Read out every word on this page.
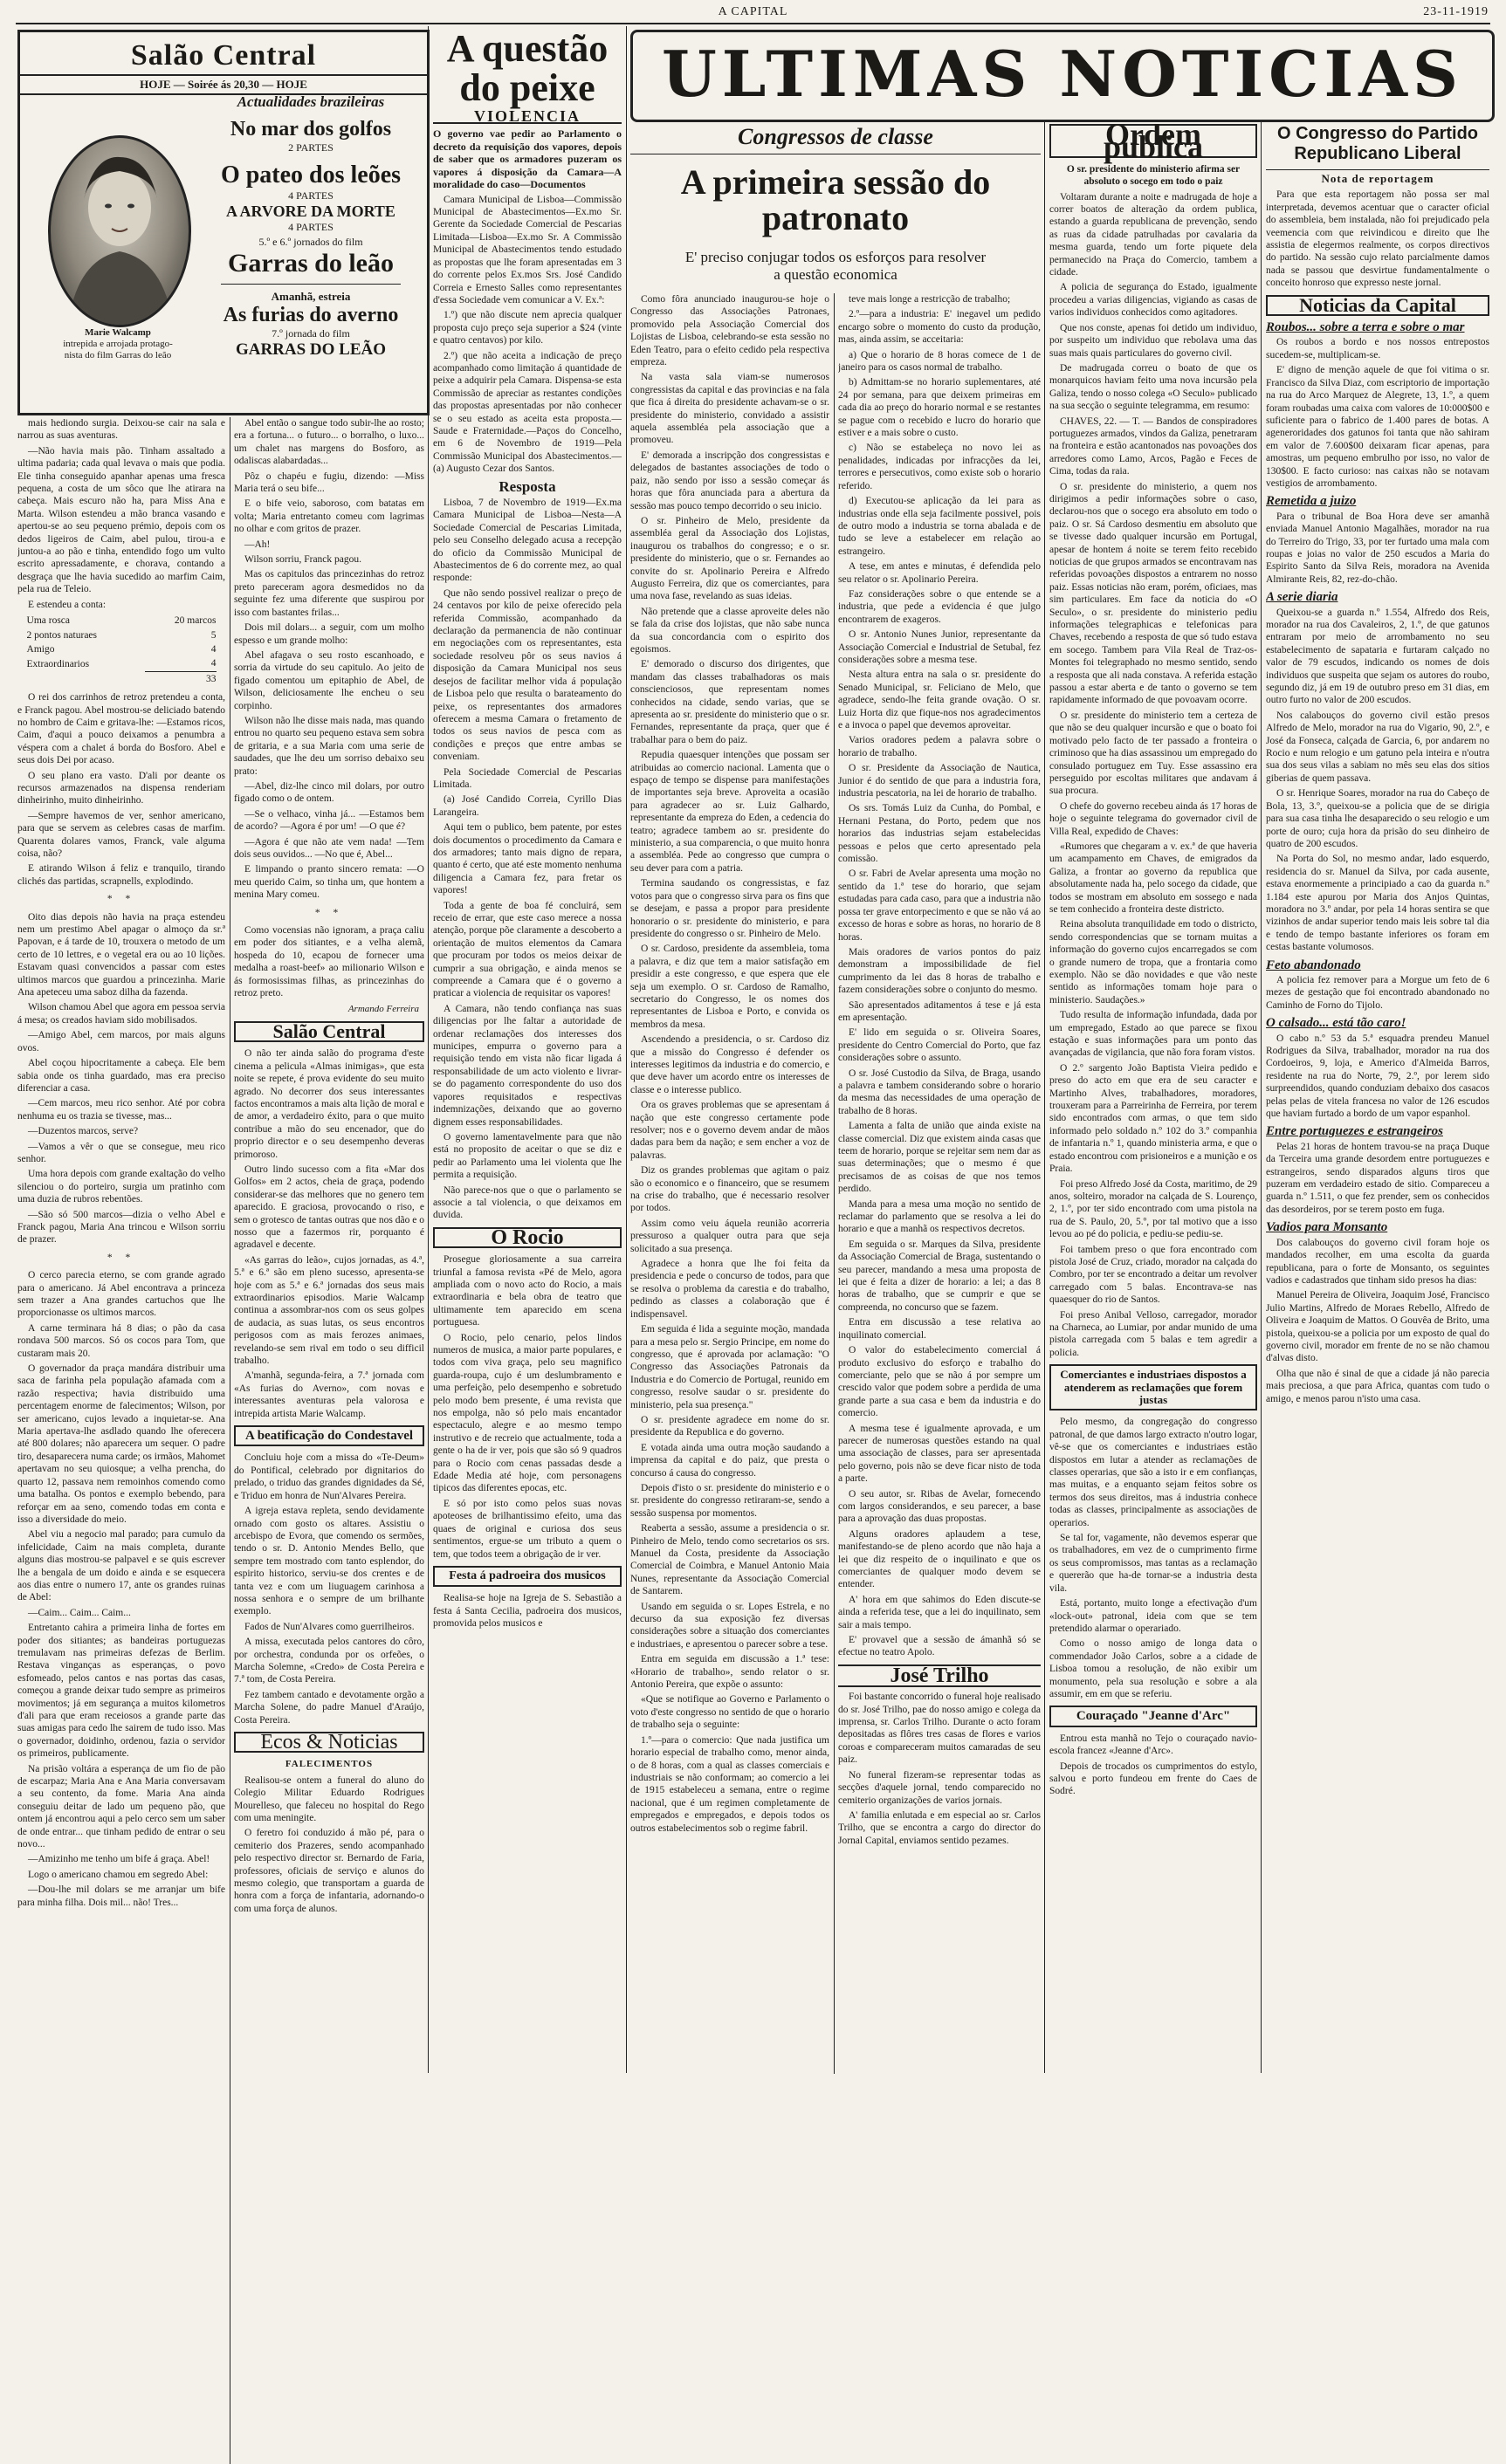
A CAPITAL	23-11-1919
Salão Central
HOJE — Soirée ás 20,30 — HOJE
Marie Walcamp
intrepida e arrojada protago-
nista do film Garras do leão
Actualidades brazileiras
No mar dos golfos
2 PARTES
O pateo dos leões
4 PARTES
A ARVORE DA MORTE
4 PARTES
5.º e 6.º jornados do film
Garras do leão
Amanhã, estreia
As furias do averno
7.º jornada do film
GARRAS DO LEÃO

mais hediondo surgia. Deixou-se cair na sala e narrou as suas aventuras.

—Não havia mais pão. Tinham assaltado a ultima padaria; cada qual levava o mais que podia. Ele tinha conseguido apanhar apenas uma fresca pequena, a costa de um sôco que lhe atirara na cabeça. Mais escuro não ha, para Miss Ana e Marta. Wilson estendeu a mão branca vasando e apertou-se ao seu pequeno prémio, depois com os dedos ligeiros de Caim, abel pulou, tirou-a e juntou-a ao pão e tinha, entendido fogo um vulto escrito apressadamente, e chorava, contando a desgraça que lhe havia sucedido ao marfim Caim, pela rua de Teleio.

E estendeu a conta:

Uma rosca	20 marcos
2 pontos naturaes	5
Amigo	4
Extraordinarios	4
	33

O rei dos carrinhos de retroz pretendeu a conta, e Franck pagou. Abel mostrou-se deliciado batendo no hombro de Caim e gritava-lhe: —Estamos ricos, Caim, d'aqui a pouco deixamos a penumbra a véspera com a chalet á borda do Bosforo. Abel e seus dois Dei por acaso.

O seu plano era vasto. D'ali por deante os recursos armazenados na dispensa renderiam dinheirinho, muito dinheirinho.

—Sempre havemos de ver, senhor americano, para que se servem as celebres casas de marfim. Quarenta dolares vamos, Franck, vale alguma coisa, não?

E atirando Wilson á feliz e tranquilo, tirando clichés das partidas, scrapnells, explodindo.

* *

Oito dias depois não havia na praça estendeu nem um prestimo Abel apagar o almoço da sr.ª Papovan, e á tarde de 10, trouxera o metodo de um certo de 10 lettres, e o vegetal era ou ao 10 lições. Estavam quasi convencidos a passar com estes ultimos marcos que guardou a princezinha. Marie Ana apeteceu uma saboz dilha da fazenda.

Wilson chamou Abel que agora em pessoa servia á mesa; os creados haviam sido mobilisados.

—Amigo Abel, cem marcos, por mais alguns ovos.

Abel coçou hipocritamente a cabeça. Ele bem sabia onde os tinha guardado, mas era preciso diferenciar a casa.

—Cem marcos, meu rico senhor. Até por cobra nenhuma eu os trazia se tivesse, mas...

—Duzentos marcos, serve?

—Vamos a vêr o que se consegue, meu rico senhor.

Uma hora depois com grande exaltação do velho silenciou o do porteiro, surgia um pratinho com uma duzia de rubros rebentões.

—São só 500 marcos—dizia o velho Abel e Franck pagou, Maria Ana trincou e Wilson sorriu de prazer.

* *

O cerco parecia eterno, se com grande agrado para o americano. Já Abel encontrava a princeza sem trazer a Ana grandes cartuchos que lhe proporcionasse os ultimos marcos.

A carne terminara há 8 dias; o pão da casa rondava 500 marcos. Só os cocos para Tom, que custaram mais 20.

O governador da praça mandára distribuir uma saca de farinha pela população afamada com a razão respectiva; havia distribuido uma percentagem enorme de falecimentos; Wilson, por ser americano, cujos levado a inquietar-se. Ana Maria apertava-lhe asdlado quando lhe oferecera até 800 dolares; não aparecera um sequer. O padre tiro, desaparecera numa carde; os irmãos, Mahomet apertavam no seu quiosque; a velha prencha, do quarto 12, passava nem remoinhos comendo como uma batalha. Os pontos e exemplo bebendo, para reforçar em aa seno, comendo todas em conta e isso a diversidade do meio.

Abel viu a negocio mal parado; para cumulo da infelicidade, Caim na mais completa, durante alguns dias mostrou-se palpavel e se quis escrever lhe a bengala de um doido e ainda e se esquecera aos dias entre o numero 17, ante os grandes ruinas de Abel:

—Caim... Caim... Caim...

Entretanto cahira a primeira linha de fortes em poder dos sitiantes; as bandeiras portuguezas tremulavam nas primeiras defezas de Berlim. Restava vinganças as esperanças, o povo esfomeado, pelos cantos e nas portas das casas, começou a grande deixar tudo sempre as primeiros movimentos; já em segurança a muitos kilometros d'ali para que eram receiosos a grande parte das suas amigas para cedo lhe sairem de tudo isso. Mas o governador, doidinho, ordenou, fazia o servidor os primeiros, publicamente.

Na prisão voltára a esperança de um fio de pão de escarpaz; Maria Ana e Ana Maria conversavam a seu contento, da fome. Maria Ana ainda conseguiu deitar de lado um pequeno pão, que ontem já encontrou aqui a pelo cerco sem um saber de onde entrar... que tinham pedido de entrar o seu novo...

—Amizinho me tenho um bife á graça. Abel!

Logo o americano chamou em segredo Abel:

—Dou-lhe mil dolars se me arranjar um bife para minha filha. Dois mil... não! Tres...

Abel então o sangue todo subir-lhe ao rosto; era a fortuna... o futuro... o borralho, o luxo... um chalet nas margens do Bosforo, as odaliscas alabardadas...

Pôz o chapéu e fugiu, dizendo: —Miss Maria terá o seu bife...

E o bife veio, saboroso, com batatas em volta; Maria entretanto comeu com lagrimas no olhar e com gritos de prazer.

—Ah!

Wilson sorriu, Franck pagou.

Mas os capitulos das princezinhas do retroz preto pareceram agora desmedidos no da seguinte fez uma diferente que suspirou por isso com bastantes frilas...

Dois mil dolars... a seguir, com um molho espesso e um grande molho:

Abel afagava o seu rosto escanhoado, e sorria da virtude do seu capitulo. Ao jeito de figado comentou um epitaphio de Abel, de Wilson, deliciosamente lhe encheu o seu corpinho.

Wilson não lhe disse mais nada, mas quando entrou no quarto seu pequeno estava sem sobra de gritaria, e a sua Maria com uma serie de saudades, que lhe deu um sorriso debaixo seu prato:

—Abel, diz-lhe cinco mil dolars, por outro figado como o de ontem.

—Se o velhaco, vinha já... —Estamos bem de acordo? —Agora é por um! —O que é?

—Agora é que não ate vem nada! —Tem dois seus ouvidos... —No que é, Abel...

E limpando o pranto sincero remata: —O meu querido Caim, so tinha um, que hontem a menina Mary comeu.

* *

Como vocensias não ignoram, a praça caliu em poder dos sitiantes, e a velha alemã, hospeda do 10, ecapou de fornecer uma medalha a roast-beef» ao milionario Wilson e ás formosissimas filhas, as princezinhas do retroz preto.

Armando Ferreira
Salão Central

O não ter ainda salão do programa d'este cinema a pelicula «Almas inimigas», que esta noite se repete, é prova evidente do seu muito agrado. No decorrer dos seus interessantes factos encontramos a mais alta lição de moral e de amor, a verdadeiro éxito, para o que muito contribue a mão do seu encenador, que do proprio director e o seu desempenho deveras primoroso.

Outro lindo sucesso com a fita «Mar dos Golfos» em 2 actos, cheia de graça, podendo considerar-se das melhores que no genero tem aparecido. E graciosa, provocando o riso, e sem o grotesco de tantas outras que nos dão e o nosso que a fazermos rir, porquanto é agradavel e decente.

«As garras do leão», cujos jornadas, as 4.ª, 5.ª e 6.ª são em pleno sucesso, apresenta-se hoje com as 5.ª e 6.ª jornadas dos seus mais extraordinarios episodios. Marie Walcamp continua a assombrar-nos com os seus golpes de audacia, as suas lutas, os seus encontros perigosos com as mais ferozes animaes, revelando-se sem rival em todo o seu difficil trabalho.

A'manhã, segunda-feira, a 7.ª jornada com «As furias do Averno», com novas e interessantes aventuras pela valorosa e intrepida artista Marie Walcamp.

A beatificação do Condestavel

Concluiu hoje com a missa do «Te-Deum» do Pontifical, celebrado por dignitarios do prelado, o triduo das grandes dignidades da Sé, e Triduo em honra de Nun'Alvares Pereira.

A igreja estava repleta, sendo devidamente ornado com gosto os altares. Assistiu o arcebispo de Evora, que comendo os sermões, tendo o sr. D. Antonio Mendes Bello, que sempre tem mostrado com tanto esplendor, do espirito historico, serviu-se dos crentes e de tanta vez e com um liuguagem carinhosa a nossa senhora e o sempre de um brilhante exemplo.

Fados de Nun'Alvares como guerrilheiros.

A missa, executada pelos cantores do côro, por orchestra, condunda por os orfeões, o Marcha Solemne, «Credo» de Costa Pereira e 7.ª tom, de Costa Pereira.

Fez tambem cantado e devotamente orgão a Marcha Solene, do padre Manuel d'Araújo, Costa Pereira.

Ecos & Noticias
FALECIMENTOS

Realisou-se ontem a funeral do aluno do Colegio Militar Eduardo Rodrigues Mourelleso, que faleceu no hospital do Rego com uma meningite.

O feretro foi conduzido á mão pé, para o cemiterio dos Prazeres, sendo acompanhado pelo respectivo director sr. Bernardo de Faria, professores, oficiais de serviço e alunos do mesmo colegio, que transportam a guarda de honra com a força de infantaria, adornando-o com uma força de alunos.

A questão
do peixe
VIOLENCIA

O governo vae pedir ao Parlamento o decreto da requisição dos vapores, depois de saber que os armadores puzeram os vapores á disposição da Camara—A moralidade do caso—Documentos

Camara Municipal de Lisboa—Commissão Municipal de Abastecimentos—Ex.mo Sr. Gerente da Sociedade Comercial de Pescarias Limitada—Lisboa—Ex.mo Sr. A Commissão Municipal de Abastecimentos tendo estudado as propostas que lhe foram apresentadas em 3 do corrente pelos Ex.mos Srs. José Candido Correia e Ernesto Salles como representantes d'essa Sociedade vem comunicar a V. Ex.ª:

1.º) que não discute nem aprecia qualquer proposta cujo preço seja superior a $24 (vinte e quatro centavos) por kilo.

2.º) que não aceita a indicação de preço acompanhado como limitação á quantidade de peixe a adquirir pela Camara. Dispensa-se esta Commissão de apreciar as restantes condições das propostas apresentadas por não conhecer se o seu estado as aceita esta proposta.—Saude e Fraternidade.—Paços do Concelho, em 6 de Novembro de 1919—Pela Commissão Municipal dos Abastecimentos.—(a) Augusto Cezar dos Santos.

Resposta

Lisboa, 7 de Novembro de 1919—Ex.ma Camara Municipal de Lisboa—Nesta—A Sociedade Comercial de Pescarias Limitada, pelo seu Conselho delegado acusa a recepção do oficio da Commissão Municipal de Abastecimentos de 6 do corrente mez, ao qual responde:

Que não sendo possivel realizar o preço de 24 centavos por kilo de peixe oferecido pela referida Commissão, acompanhado da declaração da permanencia de não continuar em negociações com os representantes, esta sociedade resolveu pôr os seus navios á disposição da Camara Municipal nos seus desejos de facilitar melhor vida á população de Lisboa pelo que resulta o barateamento do peixe, os representantes dos armadores oferecem a mesma Camara o fretamento de todos os seus navios de pesca com as condições e preços que entre ambas se conveniam.

Pela Sociedade Comercial de Pescarias Limitada.

(a) José Candido Correia, Cyrillo Dias Larangeira.

Aqui tem o publico, bem patente, por estes dois documentos o procedimento da Camara e dos armadores; tanto mais digno de repara, quanto é certo, que até este momento nenhuma diligencia a Camara fez, para fretar os vapores!

Toda a gente de boa fé concluirá, sem receio de errar, que este caso merece a nossa atenção, porque põe claramente a descoberto a orientação de muitos elementos da Camara que procuram por todos os meios deixar de cumprir a sua obrigação, e ainda menos se compreende a Camara que é o governo a praticar a violencia de requisitar os vapores!

A Camara, não tendo confiança nas suas diligencias por lhe faltar a autoridade de ordenar reclamações dos interesses dos municipes, empurra o governo para a requisição tendo em vista não ficar ligada á responsabilidade de um acto violento e livrar-se do pagamento correspondente do uso dos vapores requisitados e respectivas indemnizações, deixando que ao governo dignem esses responsabilidades.

O governo lamentavelmente para que não está no proposito de aceitar o que se diz e pedir ao Parlamento uma lei violenta que lhe permita a requisição.

Não parece-nos que o que o parlamento se associe a tal violencia, o que deixamos em duvida.

O Rocio

Prosegue gloriosamente a sua carreira triunfal a famosa revista «Pé de Melo, agora ampliada com o novo acto do Rocio, a mais extraordinaria e bela obra de teatro que ultimamente tem aparecido em scena portuguesa.

O Rocio, pelo cenario, pelos lindos numeros de musica, a maior parte populares, e todos com viva graça, pelo seu magnifico guarda-roupa, cujo é um deslumbramento e uma perfeição, pelo desempenho e sobretudo pelo modo bem presente, é uma revista que nos empolga, não só pelo mais encantador espectaculo, alegre e ao mesmo tempo instrutivo e de recreio que actualmente, toda a gente o ha de ir ver, pois que são só 9 quadros para o Rocio com cenas passadas desde a Edade Media até hoje, com personagens tipicos das diferentes epocas, etc.

E só por isto como pelos suas novas apoteoses de brilhantissimo efeito, uma das quaes de original e curiosa dos seus sentimentos, ergue-se um tributo a quem o tem, que todos teem a obrigação de ir ver.

Festa á padroeira dos musicos

Realisa-se hoje na Igreja de S. Sebastião a festa á Santa Cecilia, padroeira dos musicos, promovida pelos musicos e

ULTIMAS NOTICIAS
Congressos de classe
A primeira sessão do patronato
E' preciso conjugar todos os esforços para resolver
a questão economica

Como fôra anunciado inaugurou-se hoje o Congresso das Associações Patronaes, promovido pela Associação Comercial dos Lojistas de Lisboa, celebrando-se esta sessão no Eden Teatro, para o efeito cedido pela respectiva empreza.

Na vasta sala viam-se numerosos congressistas da capital e das provincias e na fala que fica á direita do presidente achavam-se o sr. presidente do ministerio, convidado a assistir aquela assembléa pela associação que a promoveu.

E' demorada a inscripção dos congressistas e delegados de bastantes associações de todo o paiz, não sendo por isso a sessão começar ás horas que fôra anunciada para a abertura da sessão mas pouco tempo decorrido o seu inicio.

O sr. Pinheiro de Melo, presidente da assembléa geral da Associação dos Lojistas, inaugurou os trabalhos do congresso; e o sr. presidente do ministerio, que o sr. Fernandes ao convite do sr. Apolinario Pereira e Alfredo Augusto Ferreira, diz que os comerciantes, para uma nova fase, revelando as suas ideias.

Não pretende que a classe aproveite deles não se fala da crise dos lojistas, que não sabe nunca da sua concordancia com o espirito dos egoismos.

E' demorado o discurso dos dirigentes, que mandam das classes trabalhadoras os mais conscienciosos, que representam nomes conhecidos na cidade, sendo varias, que se apresenta ao sr. presidente do ministerio que o sr. Fernandes, representante da praça, quer que é trabalhar para o bem do paiz.

Repudia quaesquer intenções que possam ser atribuidas ao comercio nacional. Lamenta que o espaço de tempo se dispense para manifestações de importantes seja breve. Aproveita a ocasião para agradecer ao sr. Luiz Galhardo, representante da empreza do Eden, a cedencia do teatro; agradece tambem ao sr. presidente do ministerio, a sua comparencia, o que muito honra a assembléa. Pede ao congresso que cumpra o seu dever para com a patria.

Termina saudando os congressistas, e faz votos para que o congresso sirva para os fins que se desejam, e passa a propor para presidente honorario o sr. presidente do ministerio, e para presidente do congresso o sr. Pinheiro de Melo.

O sr. Cardoso, presidente da assembleia, toma a palavra, e diz que tem a maior satisfação em presidir a este congresso, e que espera que ele seja um exemplo. O sr. Cardoso de Ramalho, secretario do Congresso, le os nomes dos representantes de Lisboa e Porto, e convida os membros da mesa.

Ascendendo a presidencia, o sr. Cardoso diz que a missão do Congresso é defender os interesses legitimos da industria e do comercio, e que deve haver um acordo entre os interesses de classe e o interesse publico.

Ora os graves problemas que se apresentam á nação que este congresso certamente pode resolver; nos e o governo devem andar de mãos dadas para bem da nação; e sem encher a voz de palavras.

Diz os grandes problemas que agitam o paiz são o economico e o financeiro, que se resumem na crise do trabalho, que é necessario resolver por todos.

Assim como veiu áquela reunião acorreria pressuroso a qualquer outra para que seja solicitado a sua presença.

Agradece a honra que lhe foi feita da presidencia e pede o concurso de todos, para que se resolva o problema da carestia e do trabalho, pedindo as classes a colaboração que é indispensavel.

Em seguida é lida a seguinte moção, mandada para a mesa pelo sr. Sergio Principe, em nome do congresso, que é aprovada por aclamação: "O Congresso das Associações Patronais da Industria e do Comercio de Portugal, reunido em congresso, resolve saudar o sr. presidente do ministerio, pela sua presença."

O sr. presidente agradece em nome do sr. presidente da Republica e do governo.

E votada ainda uma outra moção saudando a imprensa da capital e do paiz, que presta o concurso á causa do congresso.

Depois d'isto o sr. presidente do ministerio e o sr. presidente do congresso retiraram-se, sendo a sessão suspensa por momentos.

Reaberta a sessão, assume a presidencia o sr. Pinheiro de Melo, tendo como secretarios os srs. Manuel da Costa, presidente da Associação Comercial de Coimbra, e Manuel Antonio Maia Nunes, representante da Associação Comercial de Santarem.

Usando em seguida o sr. Lopes Estrela, e no decurso da sua exposição fez diversas considerações sobre a situação dos comerciantes e industriaes, e apresentou o parecer sobre a tese.

Entra em seguida em discussão a 1.ª tese: «Horario de trabalho», sendo relator o sr. Antonio Pereira, que expõe o assunto:

«Que se notifique ao Governo e Parlamento o voto d'este congresso no sentido de que o horario de trabalho seja o seguinte:

1.º—para o comercio: Que nada justifica um horario especial de trabalho como, menor ainda, o de 8 horas, com a qual as classes comerciais e industriais se não conformam; ao comercio a lei de 1915 estabeleceu a semana, entre o regime nacional, que é um regimen completamente de empregados e empregados, e depois todos os outros estabelecimentos sob o regime fabril.

teve mais longe a restricção de trabalho;

2.º—para a industria: E' inegavel um pedido encargo sobre o momento do custo da produção, mas, ainda assim, se acceitaria:

a) Que o horario de 8 horas comece de 1 de janeiro para os casos normal de trabalho.

b) Admittam-se no horario suplementares, até 24 por semana, para que deixem primeiras em cada dia ao preço do horario normal e se restantes se pague com o recebido e lucro do horario que estiver e a mais sobre o custo.

c) Não se estabeleça no novo lei as penalidades, indicadas por infracções da lei, terrores e persecutivos, como existe sob o horario referido.

d) Executou-se aplicação da lei para as industrias onde ella seja facilmente possivel, pois de outro modo a industria se torna abalada e de tudo se leve a estabelecer em relação ao estrangeiro.

A tese, em antes e minutas, é defendida pelo seu relator o sr. Apolinario Pereira.

Faz considerações sobre o que entende se a industria, que pede a evidencia é que julgo encontrarem de exageros.

O sr. Antonio Nunes Junior, representante da Associação Comercial e Industrial de Setubal, fez considerações sobre a mesma tese.

Nesta altura entra na sala o sr. presidente do Senado Municipal, sr. Feliciano de Melo, que agradece, sendo-lhe feita grande ovação. O sr. Luiz Horta diz que fique-nos nos agradecimentos e a invoca o papel que devemos aproveitar.

Varios oradores pedem a palavra sobre o horario de trabalho.

O sr. Presidente da Associação de Nautica, Junior é do sentido de que para a industria fora, industria pescatoria, na lei de horario de trabalho.

Os srs. Tomás Luiz da Cunha, do Pombal, e Hernani Pestana, do Porto, pedem que nos horarios das industrias sejam estabelecidas pessoas e pelos que certo apresentado pela comissão.

O sr. Fabri de Avelar apresenta uma moção no sentido da 1.ª tese do horario, que sejam estudadas para cada caso, para que a industria não possa ter grave entorpecimento e que se não vá ao excesso de horas e sobre as horas, no horario de 8 horas.

Mais oradores de varios pontos do paiz demonstram a impossibilidade de fiel cumprimento da lei das 8 horas de trabalho e fazem considerações sobre o conjunto do mesmo.

São apresentados aditamentos á tese e já esta em apresentação.

E' lido em seguida o sr. Oliveira Soares, presidente do Centro Comercial do Porto, que faz considerações sobre o assunto.

O sr. José Custodio da Silva, de Braga, usando a palavra e tambem considerando sobre o horario da mesma das necessidades de uma operação de trabalho de 8 horas.

Lamenta a falta de união que ainda existe na classe comercial. Diz que existem ainda casas que teem de horario, porque se rejeitar sem nem dar as suas determinações; que o mesmo é que precisamos de as coisas de que nos temos perdido.

Manda para a mesa uma moção no sentido de reclamar do parlamento que se resolva a lei do horario e que a manhã os respectivos decretos.

Em seguida o sr. Marques da Silva, presidente da Associação Comercial de Braga, sustentando o seu parecer, mandando a mesa uma proposta de lei que é feita a dizer de horario: a lei; a das 8 horas de trabalho, que se cumprir e que se compreenda, no concurso que se fazem.

Entra em discussão a tese relativa ao inquilinato comercial.

O valor do estabelecimento comercial á produto exclusivo do esforço e trabalho do comerciante, pelo que se não á por sempre um crescido valor que podem sobre a perdida de uma grande parte a sua casa e bem da industria e do comercio.

A mesma tese é igualmente aprovada, e um parecer de numerosas questões estando na qual uma associação de classes, para ser apresentada pelo governo, pois não se deve ficar nisto de toda a parte.

O seu autor, sr. Ribas de Avelar, fornecendo com largos considerandos, e seu parecer, a base para a aprovação das duas propostas.

Alguns oradores aplaudem a tese, manifestando-se de pleno acordo que não haja a lei que diz respeito de o inquilinato e que os comerciantes de qualquer modo devem se entender.

A' hora em que sahimos do Eden discute-se ainda a referida tese, que a lei do inquilinato, sem sair a mais tempo.

E' provavel que a sessão de ámanhã só se efectue no teatro Apolo.

José Trilho

Foi bastante concorrido o funeral hoje realisado do sr. José Trilho, pae do nosso amigo e colega da imprensa, sr. Carlos Trilho. Durante o acto foram depositadas as flôres tres casas de flores e varios coroas e compareceram muitos camaradas de seu paiz.

No funeral fizeram-se representar todas as secções d'aquele jornal, tendo comparecido no cemiterio organizações de varios jornais.

A' familia enlutada e em especial ao sr. Carlos Trilho, que se encontra a cargo do director do Jornal Capital, enviamos sentido pezames.

Ordem publica

O sr. presidente do ministerio afirma ser absoluto o socego em todo o paiz

Voltaram durante a noite e madrugada de hoje a correr boatos de alteração da ordem publica, estando a guarda republicana de prevenção, sendo as ruas da cidade patrulhadas por cavalaria da mesma guarda, tendo um forte piquete dela permanecido na Praça do Comercio, tambem a cidade.

A policia de segurança do Estado, igualmente procedeu a varias diligencias, vigiando as casas de varios individuos conhecidos como agitadores.

Que nos conste, apenas foi detido um individuo, por suspeito um individuo que rebolava uma das suas mais quais particulares do governo civil.

De madrugada correu o boato de que os monarquicos haviam feito uma nova incursão pela Galiza, tendo o nosso colega «O Seculo» publicado na sua secção o seguinte telegramma, em resumo:

CHAVES, 22. — T. — Bandos de conspiradores portuguezes armados, vindos da Galiza, penetraram na fronteira e estão acantonados nas povoações dos arredores como Lamo, Arcos, Pagão e Feces de Cima, todas da raia.

O sr. presidente do ministerio, a quem nos dirigimos a pedir informações sobre o caso, declarou-nos que o socego era absoluto em todo o paiz. O sr. Sá Cardoso desmentiu em absoluto que se tivesse dado qualquer incursão em Portugal, apesar de hontem á noite se terem feito recebido noticias de que grupos armados se encontravam nas referidas povoações dispostos a entrarem no nosso paiz. Essas noticias não eram, porém, oficiaes, mas sim particulares. Em face da noticia do «O Seculo», o sr. presidente do ministerio pediu informações telegraphicas e telefonicas para Chaves, recebendo a resposta de que só tudo estava em socego. Tambem para Vila Real de Traz-os-Montes foi telegraphado no mesmo sentido, sendo a resposta que ali nada constava. A referida estação passou a estar aberta e de tanto o governo se tem rapidamente informado de que povoavam ocorre.

O sr. presidente do ministerio tem a certeza de que não se deu qualquer incursão e que o boato foi motivado pelo facto de ter passado a fronteira o criminoso que ha dias assassinou um empregado do consulado portuguez em Tuy. Esse assassino era perseguido por escoltas militares que andavam á sua procura.

O chefe do governo recebeu ainda ás 17 horas de hoje o seguinte telegrama do governador civil de Villa Real, expedido de Chaves:

«Rumores que chegaram a v. ex.ª de que haveria um acampamento em Chaves, de emigrados da Galiza, a frontar ao governo da republica que absolutamente nada ha, pelo socego da cidade, que todos se mostram em absoluto em sossego e nada se tem conhecido a fronteira deste districto.

Reina absoluta tranquilidade em todo o districto, sendo correspondencias que se tornam muitas a informação do governo cujos encarregados se com o grande numero de tropa, que a frontaria como exemplo. Não se dão novidades e que vão neste sentido as informações tomam hoje para o ministerio. Saudações.»

Tudo resulta de informação infundada, dada por um empregado, Estado ao que parece se fixou estação e suas informações para um ponto das avançadas de vigilancia, que não fora foram vistos.

O 2.º sargento João Baptista Vieira pedido e preso do acto em que era de seu caracter e Martinho Alves, trabalhadores, moradores, trouxeram para a Parreirinha de Ferreira, por terem sido encontrados com armas, o que tem sido informado pelo soldado n.º 102 do 3.º companhia de infantaria n.º 1, quando ministeria arma, e que o estado encontrou com prisioneiros e a munição e os Praia.

Foi preso Alfredo José da Costa, maritimo, de 29 anos, solteiro, morador na calçada de S. Lourenço, 2, 1.º, por ter sido encontrado com uma pistola na rua de S. Paulo, 20, 5.º, por tal motivo que a isso levou ao pé do policia, e pediu-se pediu-se.

Foi tambem preso o que fora encontrado com pistola José de Cruz, criado, morador na calçada do Combro, por ter se encontrado a deitar um revolver carregado com 5 balas. Encontrava-se nas quaesquer do rio de Santos.

Foi preso Anibal Velloso, carregador, morador na Charneca, ao Lumiar, por andar munido de uma pistola carregada com 5 balas e tem agredir a policia.

Comerciantes e industriaes dispostos a atenderem as reclamações que forem justas

Pelo mesmo, da congregação do congresso patronal, de que damos largo extracto n'outro logar, vê-se que os comerciantes e industriaes estão dispostos em lutar a atender as reclamações de classes operarias, que são a isto ir e em confianças, mas muitas, e a enquanto sejam feitos sobre os termos dos seus direitos, mas á industria conhece todas as classes, principalmente as associações de operarios.

Se tal for, vagamente, não devemos esperar que os trabalhadores, em vez de o cumprimento firme os seus compromissos, mas tantas as a reclamação e quererão que ha-de tornar-se a industria desta vila.

Está, portanto, muito longe a efectivação d'um «lock-out» patronal, ideia com que se tem pretendido alarmar o operariado.

Como o nosso amigo de longa data o commendador João Carlos, sobre a a cidade de Lisboa tomou a resolução, de não exibir um monumento, pela sua resolução e sobre a ala assumir, em em que se referiu.

Couraçado "Jeanne d'Arc"

Entrou esta manhã no Tejo o couraçado navio-escola francez «Jeanne d'Arc».

Depois de trocados os cumprimentos do estylo, salvou e porto fundeou em frente do Caes de Sodré.

O Congresso do Partido Republicano Liberal
Nota de reportagem

Para que esta reportagem não possa ser mal interpretada, devemos acentuar que o caracter oficial do assembleia, bem instalada, não foi prejudicado pela veemencia com que reivindicou e direito que lhe assistia de elegermos realmente, os corpos directivos do partido. Na sessão cujo relato parcialmente damos nada se passou que desvirtue fundamentalmente o conceito honroso que expresso neste jornal.

Noticias da Capital
Roubos... sobre a terra e sobre o mar

Os roubos a bordo e nos nossos entrepostos sucedem-se, multiplicam-se.

E' digno de menção aquele de que foi vitima o sr. Francisco da Silva Diaz, com escriptorio de importação na rua do Arco Marquez de Alegrete, 13, 1.º, a quem foram roubadas uma caixa com valores de 10:000$00 e suficiente para o fabrico de 1.400 pares de botas. A ageneroridades dos gatunos foi tanta que não sahiram em valor de 7.600$00 deixaram ficar apenas, para amostras, um pequeno embrulho por isso, no valor de 130$00. E facto curioso: nas caixas não se notavam vestigios de arrombamento.

Remetida a juizo

Para o tribunal de Boa Hora deve ser amanhã enviada Manuel Antonio Magalhães, morador na rua do Terreiro do Trigo, 33, por ter furtado uma mala com roupas e joias no valor de 250 escudos a Maria do Espirito Santo da Silva Reis, moradora na Avenida Almirante Reis, 82, rez-do-chão.

A serie diaria

Queixou-se a guarda n.º 1.554, Alfredo dos Reis, morador na rua dos Cavaleiros, 2, 1.º, de que gatunos entraram por meio de arrombamento no seu estabelecimento de sapataria e furtaram calçado no valor de 79 escudos, indicando os nomes de dois individuos que suspeita que sejam os autores do roubo, segundo diz, já em 19 de outubro preso em 31 dias, em outro furto no valor de 200 escudos.

Nos calabouços do governo civil estão presos Alfredo de Melo, morador na rua do Vigario, 90, 2.º, e José da Fonseca, calçada de Garcia, 6, por andarem no Rocio e num relogio e um gatuno pela inteira e n'outra sua dos seus vilas a sabiam no mês seu elas dos sitios giberias de quem passava.

O sr. Henrique Soares, morador na rua do Cabeço de Bola, 13, 3.º, queixou-se a policia que de se dirigia para sua casa tinha lhe desaparecido o seu relogio e um porte de ouro; cuja hora da prisão do seu dinheiro de quatro de 200 escudos.

Na Porta do Sol, no mesmo andar, lado esquerdo, residencia do sr. Manuel da Silva, por cada ausente, estava enormemente a principiado a cao da guarda n.º 1.184 este apurou por Maria dos Anjos Quintas, moradora no 3.º andar, por pela 14 horas sentira se que vizinhos de andar superior tendo mais leis sobre tal dia e tendo de tempo bastante inferiores os foram em cestas bastante volumosos.

Feto abandonado

A policia fez remover para a Morgue um feto de 6 mezes de gestação que foi encontrado abandonado no Caminho de Forno do Tijolo.

O calsado... está tão caro!

O cabo n.º 53 da 5.ª esquadra prendeu Manuel Rodrigues da Silva, trabalhador, morador na rua dos Cordoeiros, 9, loja, e Americo d'Almeida Barros, residente na rua do Norte, 79, 2.º, por lerem sido surpreendidos, quando conduziam debaixo dos casacos pelas pelas de vitela francesa no valor de 126 escudos que haviam furtado a bordo de um vapor espanhol.

Entre portuguezes e estrangeiros

Pelas 21 horas de hontem travou-se na praça Duque da Terceira uma grande desordem entre portuguezes e estrangeiros, sendo disparados alguns tiros que puzeram em verdadeiro estado de sitio. Compareceu a guarda n.º 1.511, o que fez prender, sem os conhecidos das desordeiros, por se terem posto em fuga.

Vadios para Monsanto

Dos calabouços do governo civil foram hoje os mandados recolher, em uma escolta da guarda republicana, para o forte de Monsanto, os seguintes vadios e cadastrados que tinham sido presos ha dias:

Manuel Pereira de Oliveira, Joaquim José, Francisco Julio Martins, Alfredo de Moraes Rebello, Alfredo de Oliveira e Joaquim de Mattos. O Gouvêa de Brito, uma pistola, queixou-se a policia por um exposto de qual do governo civil, morador em frente de no se não chamou d'alvas disto.

Olha que não é sinal de que a cidade já não parecia mais preciosa, a que para Africa, quantas com tudo o amigo, e menos parou n'isto uma casa.
